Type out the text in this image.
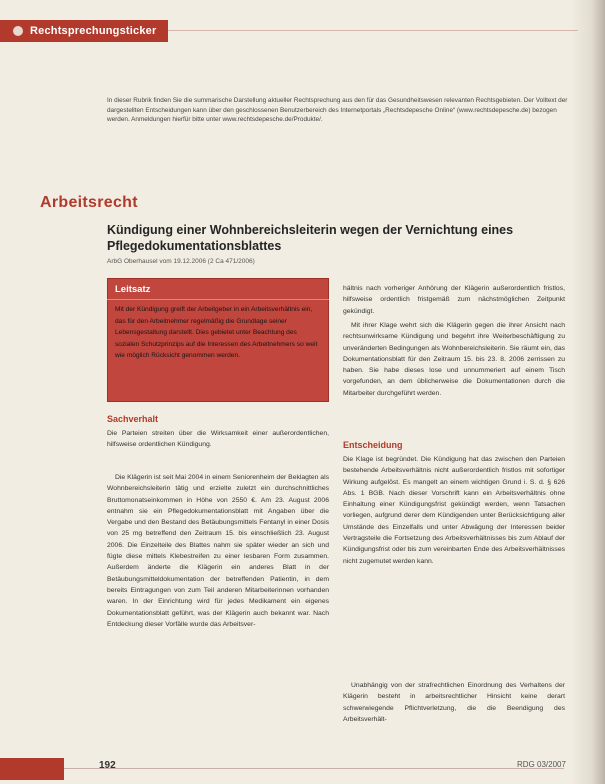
Rechtsprechungsticker

In dieser Rubrik finden Sie die summarische Darstellung aktueller Rechtsprechung aus den für das Gesundheitswesen relevanten Rechtsgebieten. Der Volltext der dargestellten Entscheidungen kann über den geschlossenen Benutzerbereich des Internetportals „Rechtsdepesche Online“ (www.rechtsdepesche.de) bezogen werden. Anmeldungen hierfür bitte unter www.rechtsdepesche.de/Produkte/.

Arbeitsrecht
Kündigung einer Wohnbereichsleiterin wegen der Vernichtung eines Pflegedokumentationsblattes
ArbG Oberhausel vom 19.12.2006 (2 Ca 471/2006)
Leitsatz

Mit der Kündigung greift der Arbeitgeber in ein Arbeitsverhältnis ein, das für den Arbeitnehmer regelmäßig die Grundlage seiner Lebensgestaltung darstellt. Dies gebietet unter Beachtung des sozialen Schutzprinzips auf die Interessen des Arbeitnehmers so weit wie möglich Rücksicht genommen werden.

Sachverhalt

Die Parteien streiten über die Wirksamkeit einer außerordentlichen, hilfsweise ordentlichen Kündigung.

Die Klägerin ist seit Mai 2004 in einem Seniorenheim der Beklagten als Wohnbereichsleiterin tätig und erzielte zuletzt ein durchschnittliches Bruttomonatseinkommen in Höhe von 2550 €. Am 23. August 2006 entnahm sie ein Pflegedokumentationsblatt mit Angaben über die Vergabe und den Bestand des Betäubungsmittels Fentanyl in einer Dosis von 25 mg betreffend den Zeitraum 15. bis einschließlich 23. August 2006. Die Einzelteile des Blattes nahm sie später wieder an sich und fügte diese mittels Klebestreifen zu einer lesbaren Form zusammen. Außerdem änderte die Klägerin ein anderes Blatt in der Betäubungsmitteldokumentation der betreffenden Patientin, in dem bereits Eintragungen von zum Teil anderen Mitarbeiterinnen vorhanden waren. In der Einrichtung wird für jedes Medikament ein eigenes Dokumentationsblatt geführt, was der Klägerin auch bekannt war. Nach Entdeckung dieser Vorfälle wurde das Arbeitsver-

hältnis nach vorheriger Anhörung der Klägerin außerordentlich fristlos, hilfsweise ordentlich fristgemäß zum nächstmöglichen Zeitpunkt gekündigt.

Mit ihrer Klage wehrt sich die Klägerin gegen die ihrer Ansicht nach rechtsunwirksame Kündigung und begehrt ihre Weiterbeschäftigung zu unveränderten Bedingungen als Wohnbereichsleiterin. Sie räumt ein, das Dokumentationsblatt für den Zeitraum 15. bis 23. 8. 2006 zerrissen zu haben. Sie habe dieses lose und unnummeriert auf einem Tisch vorgefunden, an dem üblicherweise die Dokumentationen durch die Mitarbeiter durchgeführt werden.

Entscheidung

Die Klage ist begründet. Die Kündigung hat das zwischen den Parteien bestehende Arbeitsverhältnis nicht außerordentlich fristlos mit sofortiger Wirkung aufgelöst. Es mangelt an einem wichtigen Grund i. S. d. § 626 Abs. 1 BGB. Nach dieser Vorschrift kann ein Arbeitsverhältnis ohne Einhaltung einer Kündigungsfrist gekündigt werden, wenn Tatsachen vorliegen, aufgrund derer dem Kündigenden unter Berücksichtigung aller Umstände des Einzelfalls und unter Abwägung der Interessen beider Vertragsteile die Fortsetzung des Arbeitsverhältnisses bis zum Ablauf der Kündigungsfrist oder bis zum vereinbarten Ende des Arbeitsverhältnisses nicht zugemutet werden kann.

Unabhängig von der strafrechtlichen Einordnung des Verhaltens der Klägerin besteht in arbeitsrechtlicher Hinsicht keine derart schwerwiegende Pflichtverletzung, die die Beendigung des Arbeitsverhält-

192	RDG 03/2007
